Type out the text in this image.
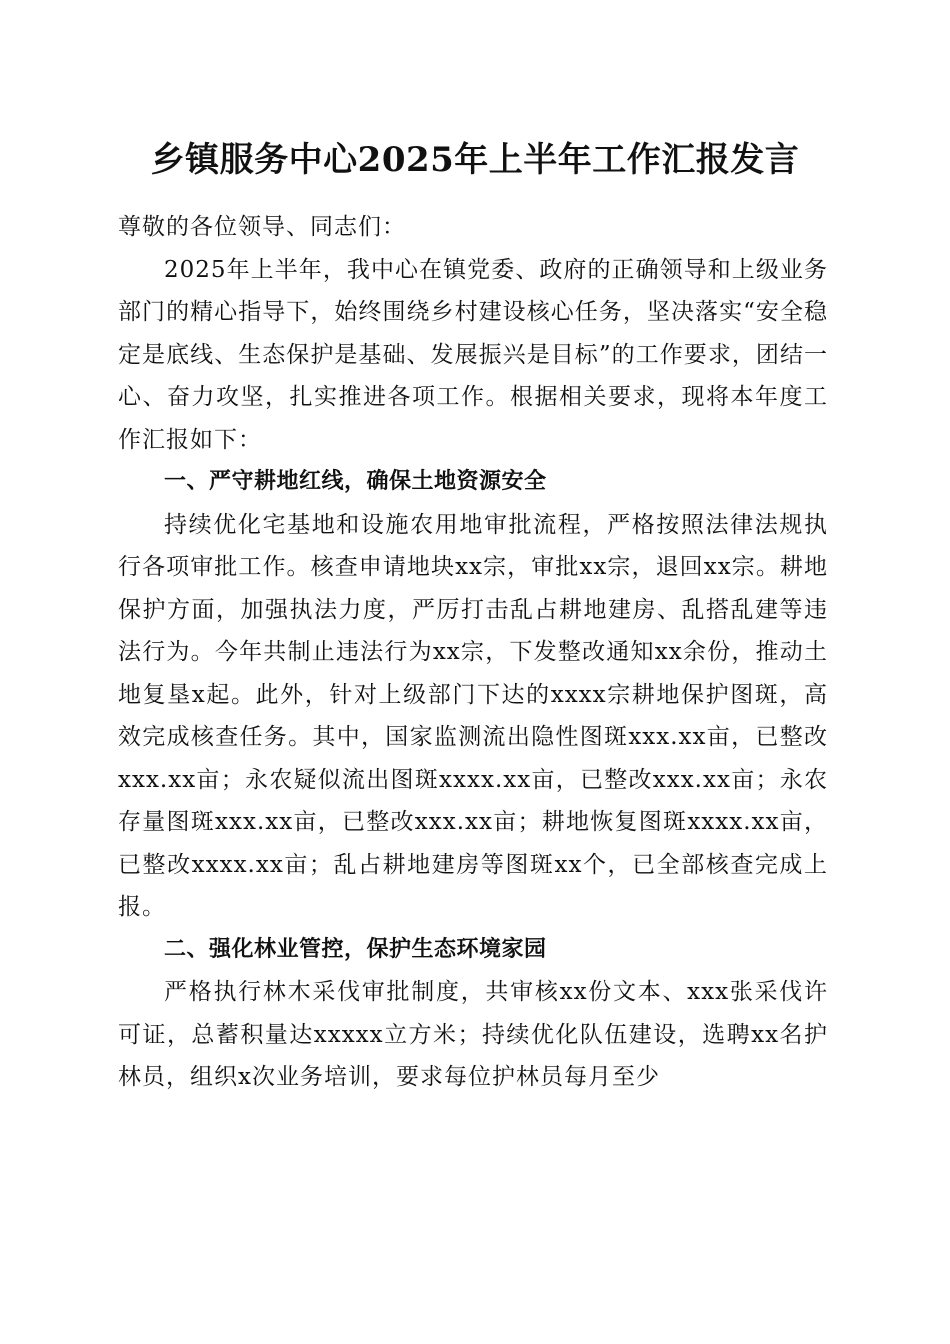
乡镇服务中心2025年上半年工作汇报发言

尊敬的各位领导、同志们：

2025年上半年，我中心在镇党委、政府的正确领导和上级业务部门的精心指导下，始终围绕乡村建设核心任务，坚决落实“安全稳定是底线、生态保护是基础、发展振兴是目标”的工作要求，团结一心、奋力攻坚，扎实推进各项工作。根据相关要求，现将本年度工作汇报如下：

一、严守耕地红线，确保土地资源安全

持续优化宅基地和设施农用地审批流程，严格按照法律法规执行各项审批工作。核查申请地块xx宗，审批xx宗，退回xx宗。耕地保护方面，加强执法力度，严厉打击乱占耕地建房、乱搭乱建等违法行为。今年共制止违法行为xx宗，下发整改通知xx余份，推动土地复垦x起。此外，针对上级部门下达的xxxx宗耕地保护图斑，高效完成核查任务。其中，国家监测流出隐性图斑xxx.xx亩，已整改xxx.xx亩；永农疑似流出图斑xxxx.xx亩，已整改xxx.xx亩；永农存量图斑xxx.xx亩，已整改xxx.xx亩；耕地恢复图斑xxxx.xx亩，已整改xxxx.xx亩；乱占耕地建房等图斑xx个，已全部核查完成上报。

二、强化林业管控，保护生态环境家园

严格执行林木采伐审批制度，共审核xx份文本、xxx张采伐许可证，总蓄积量达xxxxx立方米；持续优化队伍建设，选聘xx名护林员，组织x次业务培训，要求每位护林员每月至少
